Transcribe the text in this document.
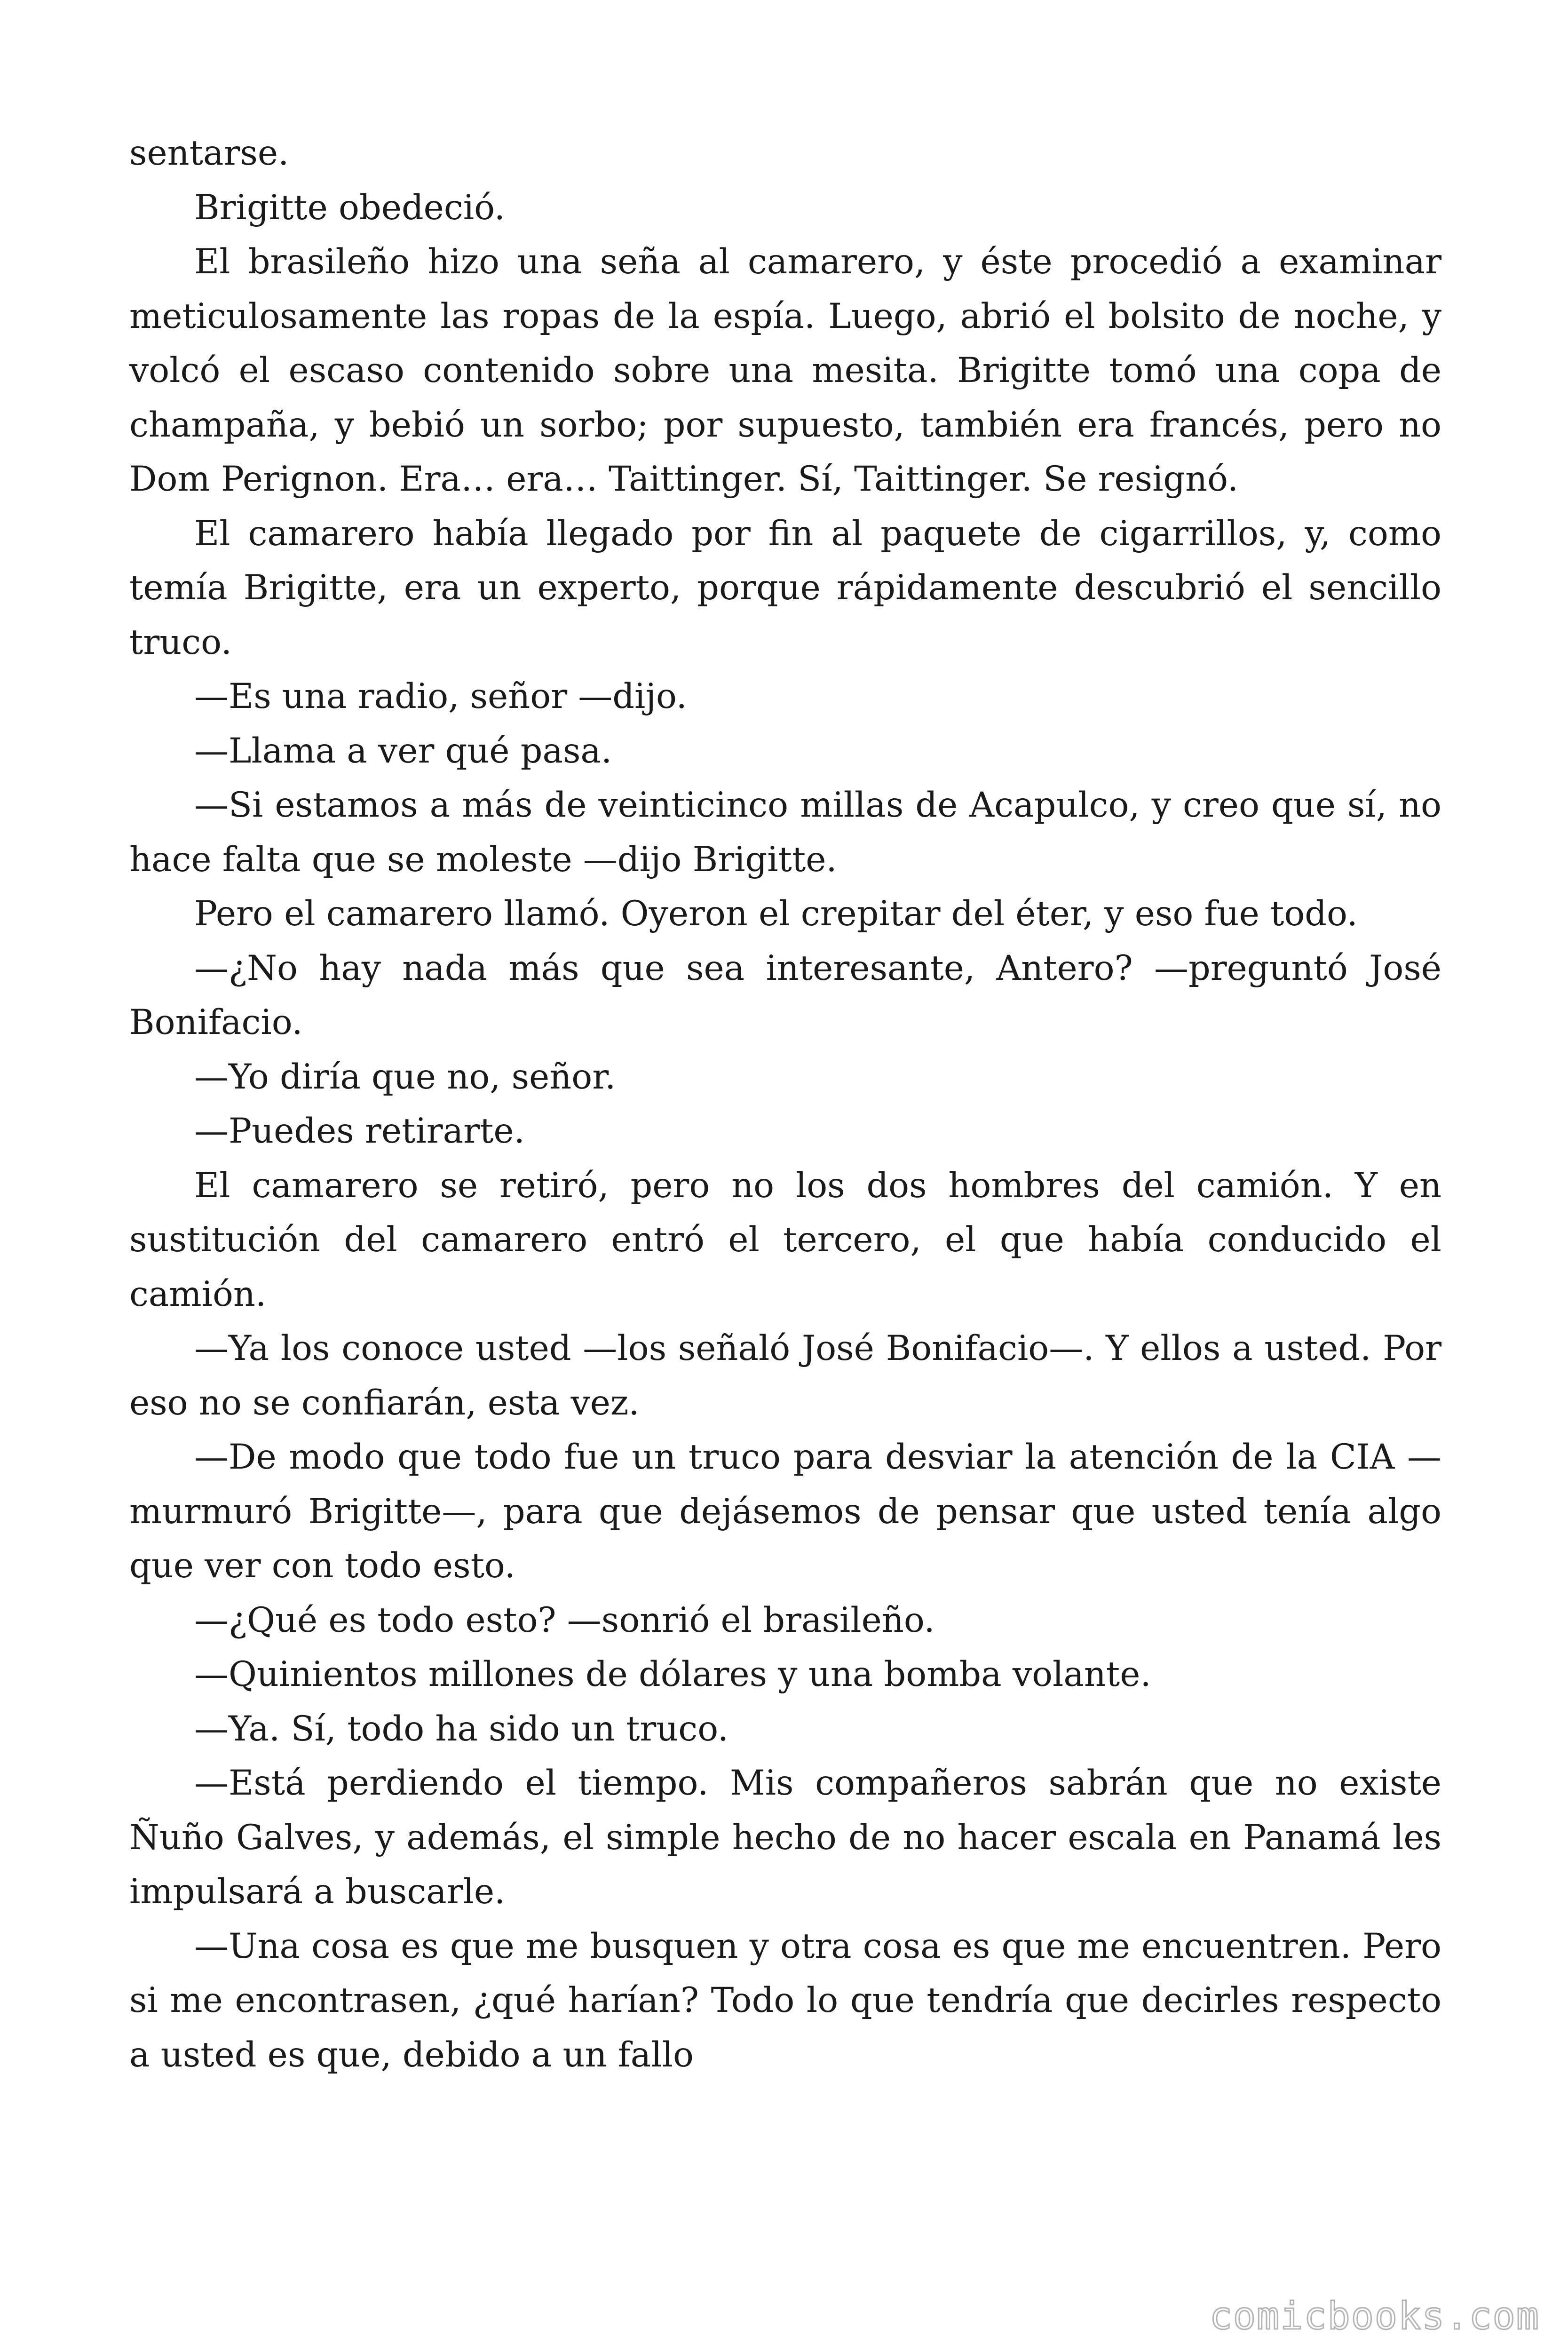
sentarse.

Brigitte obedeció.

El brasileño hizo una seña al camarero, y éste procedió a examinar meticulosamente las ropas de la espía. Luego, abrió el bolsito de noche, y volcó el escaso contenido sobre una mesita. Brigitte tomó una copa de champaña, y bebió un sorbo; por supuesto, también era francés, pero no Dom Perignon. Era… era… Taittinger. Sí, Taittinger. Se resignó.

El camarero había llegado por fin al paquete de cigarrillos, y, como temía Brigitte, era un experto, porque rápidamente descubrió el sencillo truco.

—Es una radio, señor —dijo.

—Llama a ver qué pasa.

—Si estamos a más de veinticinco millas de Acapulco, y creo que sí, no hace falta que se moleste —dijo Brigitte.

Pero el camarero llamó. Oyeron el crepitar del éter, y eso fue todo.

—¿No hay nada más que sea interesante, Antero? —preguntó José Bonifacio.

—Yo diría que no, señor.

—Puedes retirarte.

El camarero se retiró, pero no los dos hombres del camión. Y en sustitución del camarero entró el tercero, el que había conducido el camión.

—Ya los conoce usted —los señaló José Bonifacio—. Y ellos a usted. Por eso no se confiarán, esta vez.

—De modo que todo fue un truco para desviar la atención de la CIA —murmuró Brigitte—, para que dejásemos de pensar que usted tenía algo que ver con todo esto.

—¿Qué es todo esto? —sonrió el brasileño.

—Quinientos millones de dólares y una bomba volante.

—Ya. Sí, todo ha sido un truco.

—Está perdiendo el tiempo. Mis compañeros sabrán que no existe Ñuño Galves, y además, el simple hecho de no hacer escala en Panamá les impulsará a buscarle.

—Una cosa es que me busquen y otra cosa es que me encuentren. Pero si me encontrasen, ¿qué harían? Todo lo que tendría que decirles respecto a usted es que, debido a un fallo

comicbooks.com
